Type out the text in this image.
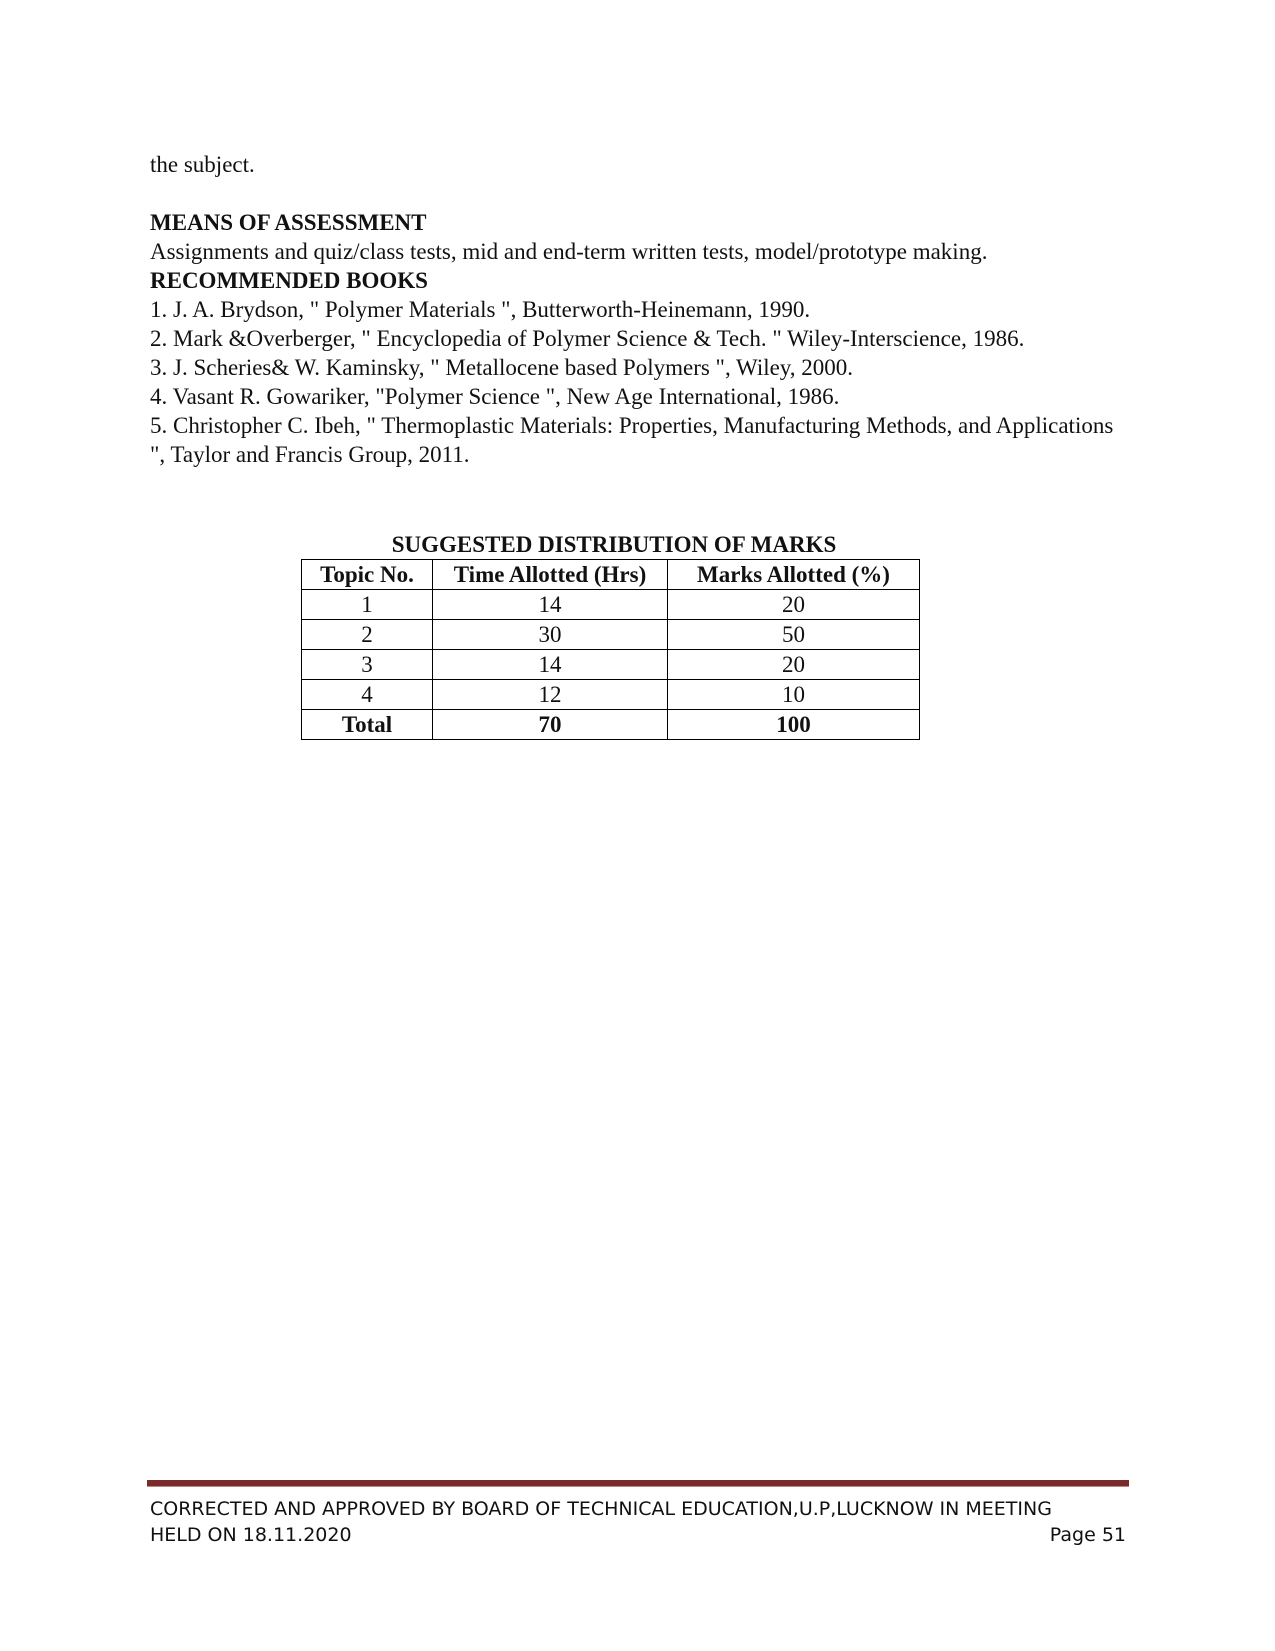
the subject.

MEANS OF ASSESSMENT

Assignments and quiz/class tests, mid and end-term written tests, model/prototype making.

RECOMMENDED BOOKS

1. J. A. Brydson, " Polymer Materials ", Butterworth-Heinemann, 1990.
2. Mark &Overberger, " Encyclopedia of Polymer Science & Tech. " Wiley-Interscience, 1986.
3. J. Scheries& W. Kaminsky, " Metallocene based Polymers ", Wiley, 2000.
4. Vasant R. Gowariker, "Polymer Science ", New Age International, 1986.
5. Christopher C. Ibeh, " Thermoplastic Materials: Properties, Manufacturing Methods, and Applications ", Taylor and Francis Group, 2011.

SUGGESTED DISTRIBUTION OF MARKS

Topic No.	Time Allotted (Hrs)	Marks Allotted (%)
1	14	20
2	30	50
3	14	20
4	12	10
Total	70	100
CORRECTED AND APPROVED BY BOARD OF TECHNICAL EDUCATION,U.P,LUCKNOW IN MEETING
HELD ON 18.11.2020	Page 51
